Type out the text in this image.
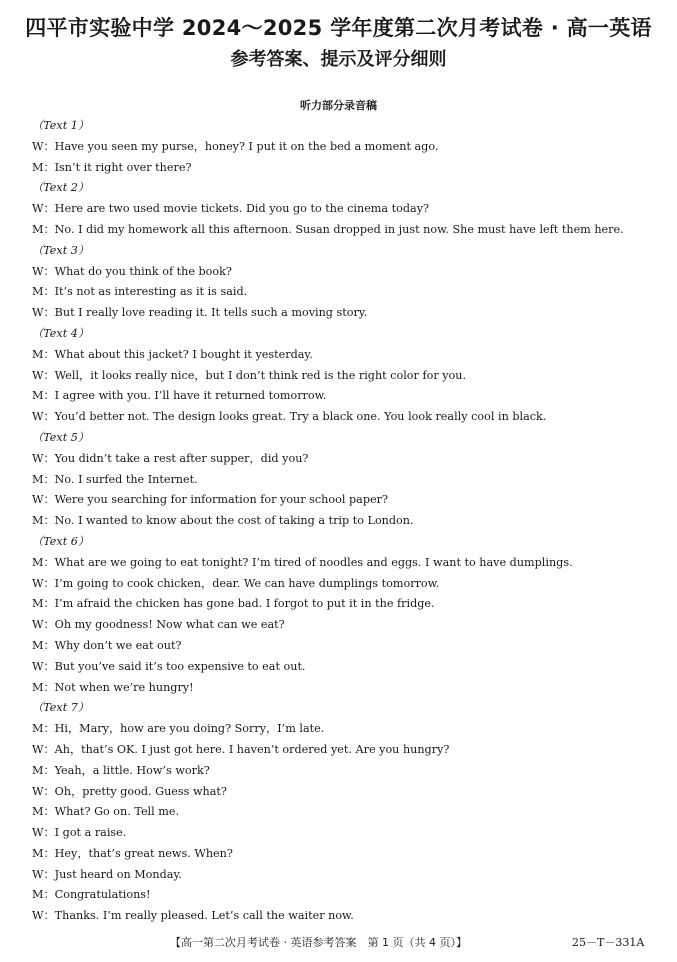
四平市实验中学 2024～2025 学年度第二次月考试卷 · 高一英语
参考答案、提示及评分细则
听力部分录音稿
（Text 1）
W：Have you seen my purse，honey? I put it on the bed a moment ago.
M：Isn’t it right over there?
（Text 2）
W：Here are two used movie tickets. Did you go to the cinema today?
M：No. I did my homework all this afternoon. Susan dropped in just now. She must have left them here.
（Text 3）
W：What do you think of the book?
M：It’s not as interesting as it is said.
W：But I really love reading it. It tells such a moving story.
（Text 4）
M：What about this jacket? I bought it yesterday.
W：Well，it looks really nice，but I don’t think red is the right color for you.
M：I agree with you. I’ll have it returned tomorrow.
W：You’d better not. The design looks great. Try a black one. You look really cool in black.
（Text 5）
W：You didn’t take a rest after supper，did you?
M：No. I surfed the Internet.
W：Were you searching for information for your school paper?
M：No. I wanted to know about the cost of taking a trip to London.
（Text 6）
M：What are we going to eat tonight? I’m tired of noodles and eggs. I want to have dumplings.
W：I’m going to cook chicken，dear. We can have dumplings tomorrow.
M：I’m afraid the chicken has gone bad. I forgot to put it in the fridge.
W：Oh my goodness! Now what can we eat?
M：Why don’t we eat out?
W：But you’ve said it’s too expensive to eat out.
M：Not when we’re hungry!
（Text 7）
M：Hi，Mary，how are you doing? Sorry，I’m late.
W：Ah，that’s OK. I just got here. I haven’t ordered yet. Are you hungry?
M：Yeah，a little. How’s work?
W：Oh，pretty good. Guess what?
M：What? Go on. Tell me.
W：I got a raise.
M：Hey，that’s great news. When?
W：Just heard on Monday.
M：Congratulations!
W：Thanks. I’m really pleased. Let’s call the waiter now.
【高一第二次月考试卷 · 英语参考答案　第 1 页（共 4 页）】	25－T－331A
